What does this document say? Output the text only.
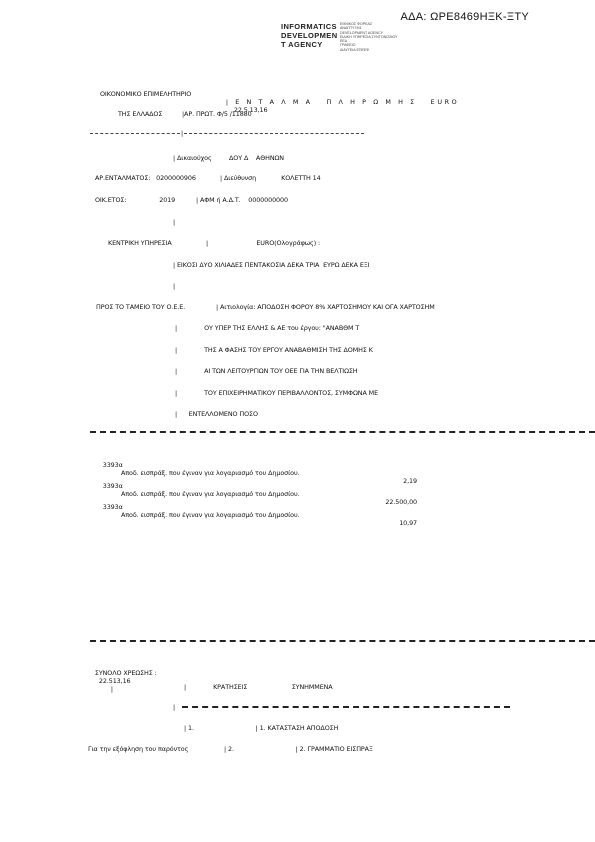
ΑΔΑ: ΩΡΕ8469ΗΞΚ-ΞΤΥ
INFORMATICS
DEVELOPMEN
T AGENCY
ΕΘΝΙΚΟΣ ΦΟΡΕΑΣ
ΑΝΑΠΤΥΞΗΣ
DEVELOPMENT AGENCY
ΕΙΔΙΚΗ ΥΠΗΡΕΣΙΑ ΣΥΝΤΟΝΙΣΜΟΥ
ΕΕΔ
ΓΡΑΦΕΙΟ
ΔΙΑΥΓΕΙΑ ΕΠΕΕΦ
ΟΙΚΟΝΟΜΙΚΟ ΕΠΙΜΕΛΗΤΗΡΙΟ
ΤΗΣ ΕΛΛΑΔΟΣ

| Ε Ν Τ Α Λ Μ Α   Π Λ Η Ρ Ω Μ Η Σ   EURO
22.5.13,16

|ΑΡ. ΠΡΩΤ. Φ/5 /11880
|
| Δικαιούχος         ΔΟΥ Δ    ΑΘΗΝΩΝ
ΑΡ.ΕΝΤΑΛΜΑΤΟΣ:   0200000906	| Διεύθυνση             ΚΟΛΕΤΤΗ 14
ΟΙΚ.ΕΤΟΣ:                 2019	| ΑΦΜ ή Α.Δ.Τ.    0000000000
|
ΚΕΝΤΡΙΚΗ ΥΠΗΡΕΣΙΑ	|                         EURO(Ολογράφως) :
| ΕΙΚΟΣΙ ΔΥΟ ΧΙΛΙΑΔΕΣ ΠΕΝΤΑΚΟΣΙΑ ΔΕΚΑ ΤΡΙΑ  ΕΥΡΩ ΔΕΚΑ ΕΞΙ
|
ΠΡΟΣ ΤΟ ΤΑΜΕΙΟ ΤΟΥ Ο.Ε.Ε.	| Αιτιολογία: ΑΠΟΔΟΣΗ ΦΟΡΟΥ 8% ΧΑΡΤΟΣΗΜΟΥ ΚΑΙ ΟΓΑ ΧΑΡΤΟΣΗΜ
|              ΟΥ ΥΠΕΡ ΤΗΣ ΕΛΛΗΣ & ΑΕ του έργου: "ΑΝΑΒΘΜ Τ
|              ΤΗΣ Α ΦΑΣΗΣ ΤΟΥ ΕΡΓΟΥ ΑΝΑΒΑΘΜΙΣΗ ΤΗΣ ΔΟΜΗΣ Κ
|              ΑΙ ΤΩΝ ΛΕΙΤΟΥΡΓΙΩΝ ΤΟΥ ΟΕΕ ΓΙΑ ΤΗΝ ΒΕΛΤΙΩΣΗ
|              ΤΟΥ ΕΠΙΧΕΙΡΗΜΑΤΙΚΟΥ ΠΕΡΙΒΑΛΛΟΝΤΟΣ, ΣΥΜΦΩΝΑ ΜΕ
|      ΕΝΤΕΛΛΟΜΕΝΟ ΠΟΣΟ

3393α

Αποδ. εισπράξ. που έγιναν για λογαριασμό του Δημοσίου.

2,19

3393α

Αποδ. εισπράξ. που έγιναν για λογαριασμό του Δημοσίου.

22.500,00

3393α

Αποδ. εισπράξ. που έγιναν για λογαριασμό του Δημοσίου.

10,97

ΣΥΝΟΛΟ ΧΡΕΩΣΗΣ :
22.513,16
|	|              ΚΡΑΤΗΣΕΙΣ                       ΣΥΝΗΜΜΕΝΑ
|
| 1.                                | 1. ΚΑΤΑΣΤΑΣΗ ΑΠΟΔΟΣΗ
Για την εξόφληση του παρόντος	| 2.                                | 2. ΓΡΑΜΜΑΤΙΟ ΕΙΣΠΡΑΞ
